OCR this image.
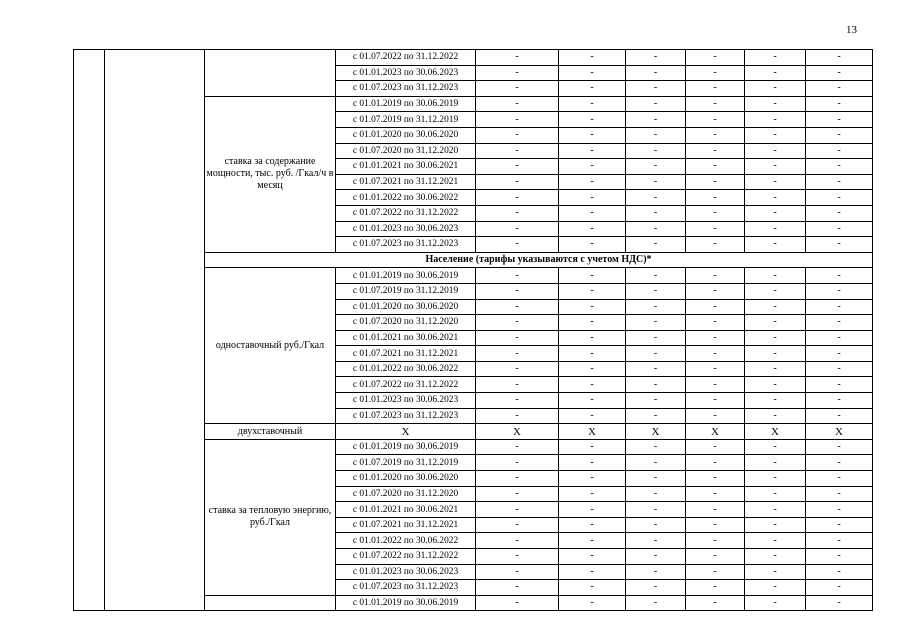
13
			с 01.07.2022 по 31.12.2022	-	-	-	-	-	-
			с 01.01.2023 по 30.06.2023	-	-	-	-	-	-
			с 01.07.2023 по 31.12.2023	-	-	-	-	-	-
		ставка за содержание мощности, тыс. руб. /Гкал/ч в месяц	с 01.01.2019 по 30.06.2019	-	-	-	-	-	-
			с 01.07.2019 по 31.12.2019	-	-	-	-	-	-
			с 01.01.2020 по 30.06.2020	-	-	-	-	-	-
			с 01.07.2020 по 31.12.2020	-	-	-	-	-	-
			с 01.01.2021 по 30.06.2021	-	-	-	-	-	-
			с 01.07.2021 по 31.12.2021	-	-	-	-	-	-
			с 01.01.2022 по 30.06.2022	-	-	-	-	-	-
			с 01.07.2022 по 31.12.2022	-	-	-	-	-	-
			с 01.01.2023 по 30.06.2023	-	-	-	-	-	-
			с 01.07.2023 по 31.12.2023	-	-	-	-	-	-
		Население (тарифы указываются с учетом НДС)*							
		одноставочный руб./Гкал	с 01.01.2019 по 30.06.2019	-	-	-	-	-	-
			с 01.07.2019 по 31.12.2019	-	-	-	-	-	-
			с 01.01.2020 по 30.06.2020	-	-	-	-	-	-
			с 01.07.2020 по 31.12.2020	-	-	-	-	-	-
			с 01.01.2021 по 30.06.2021	-	-	-	-	-	-
			с 01.07.2021 по 31.12.2021	-	-	-	-	-	-
			с 01.01.2022 по 30.06.2022	-	-	-	-	-	-
			с 01.07.2022 по 31.12.2022	-	-	-	-	-	-
			с 01.01.2023 по 30.06.2023	-	-	-	-	-	-
			с 01.07.2023 по 31.12.2023	-	-	-	-	-	-
		двухставочный	X	X	X	X	X	X	X
		ставка за тепловую энергию, руб./Гкал	с 01.01.2019 по 30.06.2019	-	-	-	-	-	-
			с 01.07.2019 по 31.12.2019	-	-	-	-	-	-
			с 01.01.2020 по 30.06.2020	-	-	-	-	-	-
			с 01.07.2020 по 31.12.2020	-	-	-	-	-	-
			с 01.01.2021 по 30.06.2021	-	-	-	-	-	-
			с 01.07.2021 по 31.12.2021	-	-	-	-	-	-
			с 01.01.2022 по 30.06.2022	-	-	-	-	-	-
			с 01.07.2022 по 31.12.2022	-	-	-	-	-	-
			с 01.01.2023 по 30.06.2023	-	-	-	-	-	-
			с 01.07.2023 по 31.12.2023	-	-	-	-	-	-
			с 01.01.2019 по 30.06.2019	-	-	-	-	-	-
